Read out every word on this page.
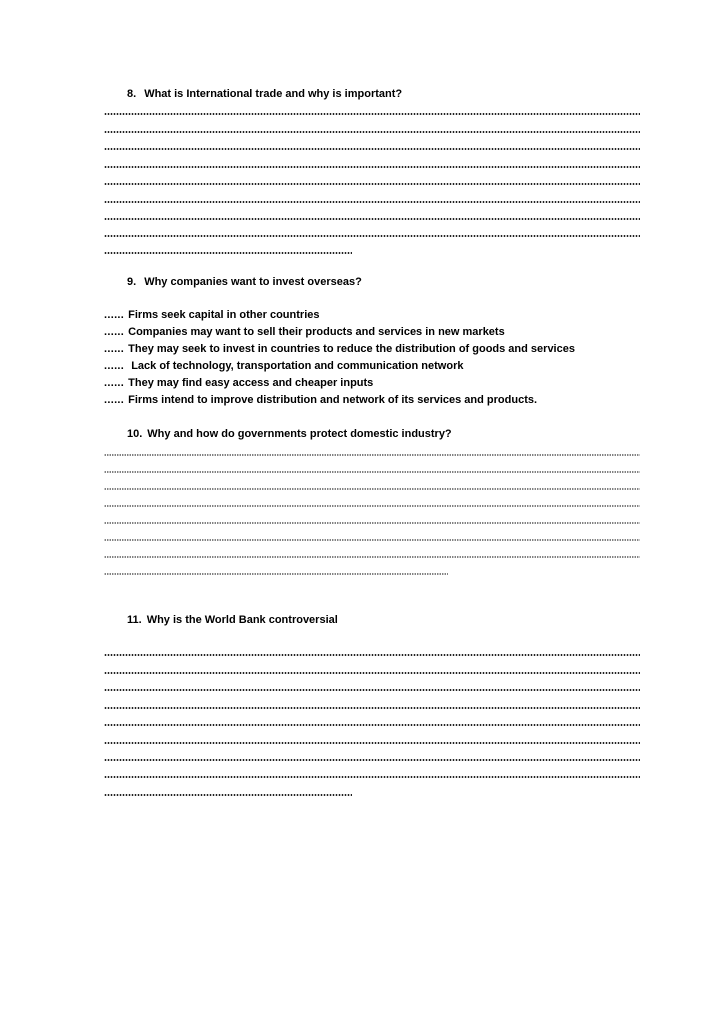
8. What is International trade and why is important?
9. Why companies want to invest overseas?
...... Firms seek capital in other countries
...... Companies may want to sell their products and services in new markets
...... They may seek to invest in countries to reduce the distribution of goods and services
...... Lack of technology, transportation and communication network
...... They may find easy access and cheaper inputs
...... Firms intend to improve distribution and network of its services and products.
10. Why and how do governments protect domestic industry?
11. Why is the World Bank controversial
